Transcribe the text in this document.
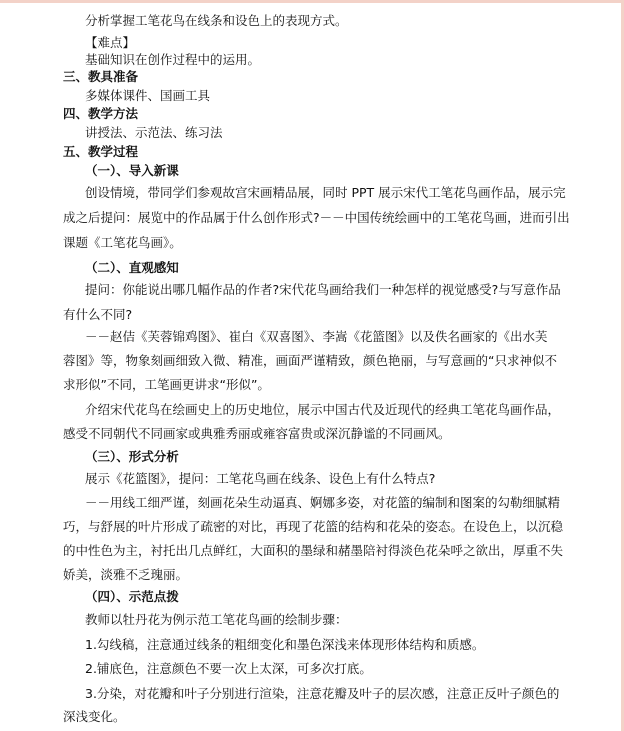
分析掌握工笔花鸟在线条和设色上的表现方式。
【难点】
基础知识在创作过程中的运用。
三、教具准备
多媒体课件、国画工具
四、教学方法
讲授法、示范法、练习法
五、教学过程
（一）、导入新课
创设情境，带同学们参观故宫宋画精品展，同时 PPT 展示宋代工笔花鸟画作品，展示完
成之后提问：展览中的作品属于什么创作形式?－－中国传统绘画中的工笔花鸟画，进而引出
课题《工笔花鸟画》。
（二）、直观感知
提问：你能说出哪几幅作品的作者?宋代花鸟画给我们一种怎样的视觉感受?与写意作品
有什么不同?
－－赵佶《芙蓉锦鸡图》、崔白《双喜图》、李嵩《花篮图》以及佚名画家的《出水芙
蓉图》等，物象刻画细致入微、精准，画面严谨精致，颜色艳丽，与写意画的“只求神似不
求形似”不同，工笔画更讲求“形似”。
介绍宋代花鸟在绘画史上的历史地位，展示中国古代及近现代的经典工笔花鸟画作品，
感受不同朝代不同画家或典雅秀丽或雍容富贵或深沉静谧的不同画风。
（三）、形式分析
展示《花篮图》，提问：工笔花鸟画在线条、设色上有什么特点?
－－用线工细严谨，刻画花朵生动逼真、婀娜多姿，对花篮的编制和图案的勾勒细腻精
巧，与舒展的叶片形成了疏密的对比，再现了花篮的结构和花朵的姿态。在设色上，以沉稳
的中性色为主，衬托出几点鲜红，大面积的墨绿和赭墨陪衬得淡色花朵呼之欲出，厚重不失
娇美，淡雅不乏瑰丽。
（四）、示范点拨
教师以牡丹花为例示范工笔花鸟画的绘制步骤：
1.勾线稿，注意通过线条的粗细变化和墨色深浅来体现形体结构和质感。
2.铺底色，注意颜色不要一次上太深，可多次打底。
3.分染，对花瓣和叶子分别进行渲染，注意花瓣及叶子的层次感，注意正反叶子颜色的
深浅变化。
